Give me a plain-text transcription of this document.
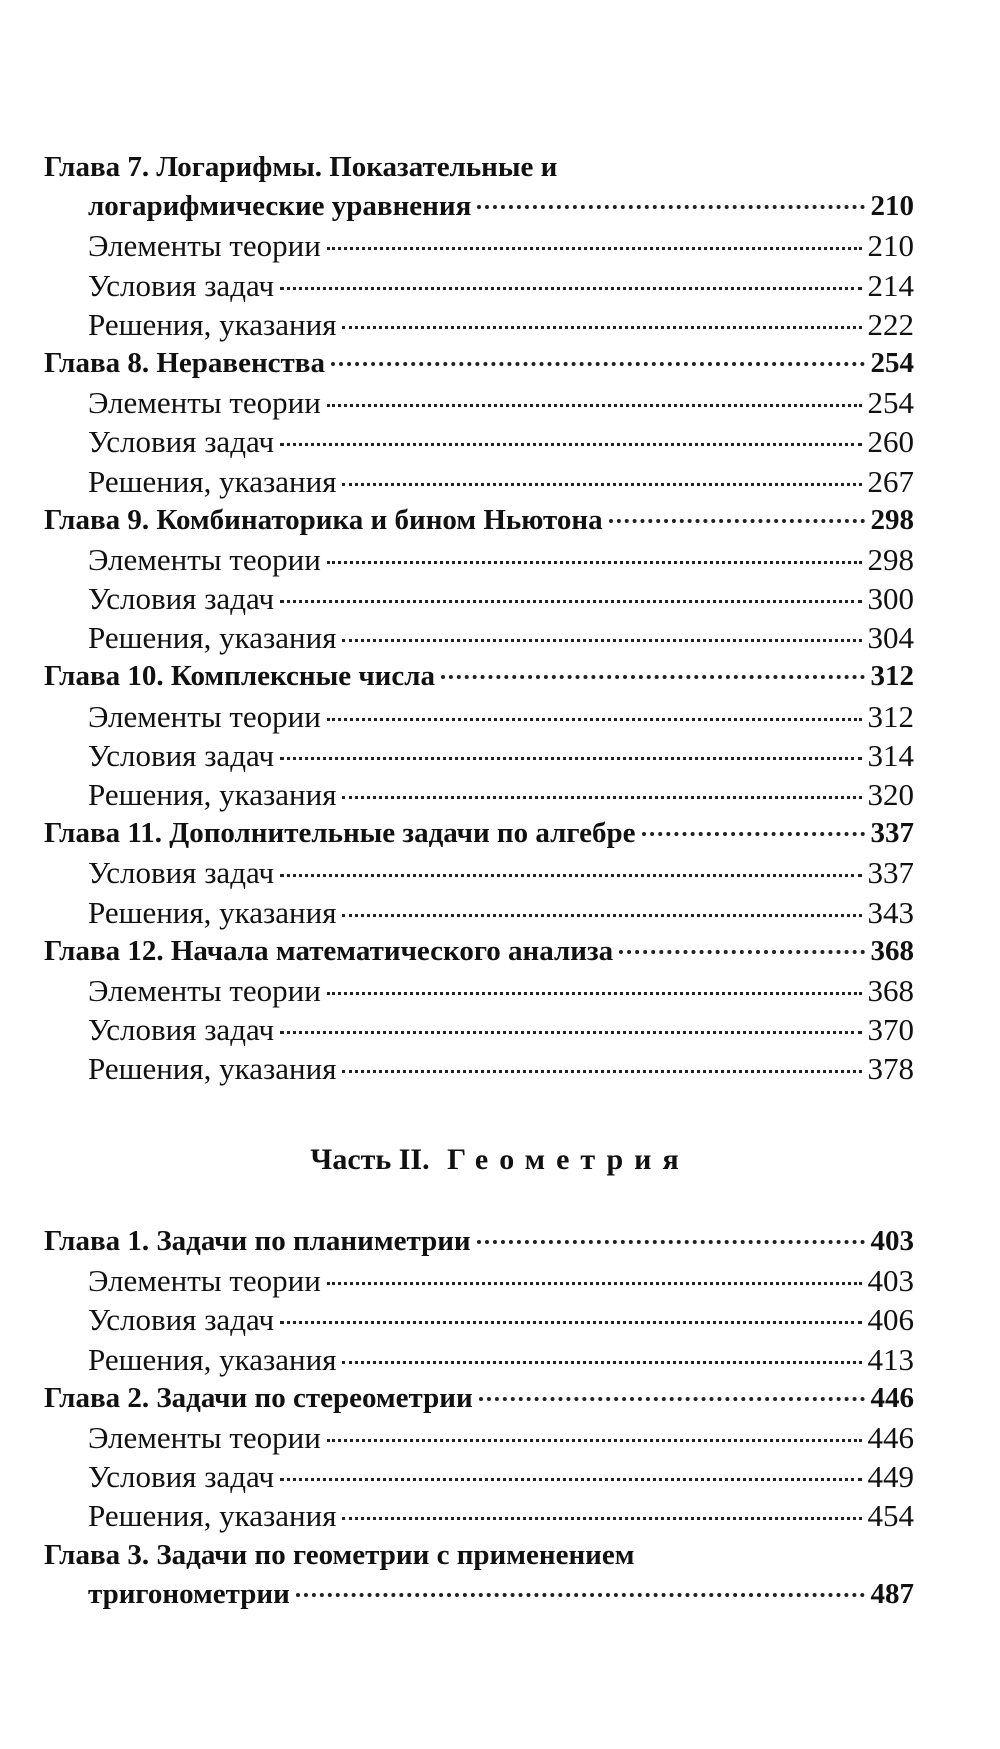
Глава 7. Логарифмы. Показательные и
логарифмические уравнения	210
Элементы теории	210
Условия задач	214
Решения, указания	222
Глава 8. Неравенства	254
Элементы теории	254
Условия задач	260
Решения, указания	267
Глава 9. Комбинаторика и бином Ньютона	298
Элементы теории	298
Условия задач	300
Решения, указания	304
Глава 10. Комплексные числа	312
Элементы теории	312
Условия задач	314
Решения, указания	320
Глава 11. Дополнительные задачи по алгебре	337
Условия задач	337
Решения, указания	343
Глава 12. Начала математического анализа	368
Элементы теории	368
Условия задач	370
Решения, указания	378
Часть II. Геометрия
Глава 1. Задачи по планиметрии	403
Элементы теории	403
Условия задач	406
Решения, указания	413
Глава 2. Задачи по стереометрии	446
Элементы теории	446
Условия задач	449
Решения, указания	454
Глава 3. Задачи по геометрии с применением
тригонометрии	487
